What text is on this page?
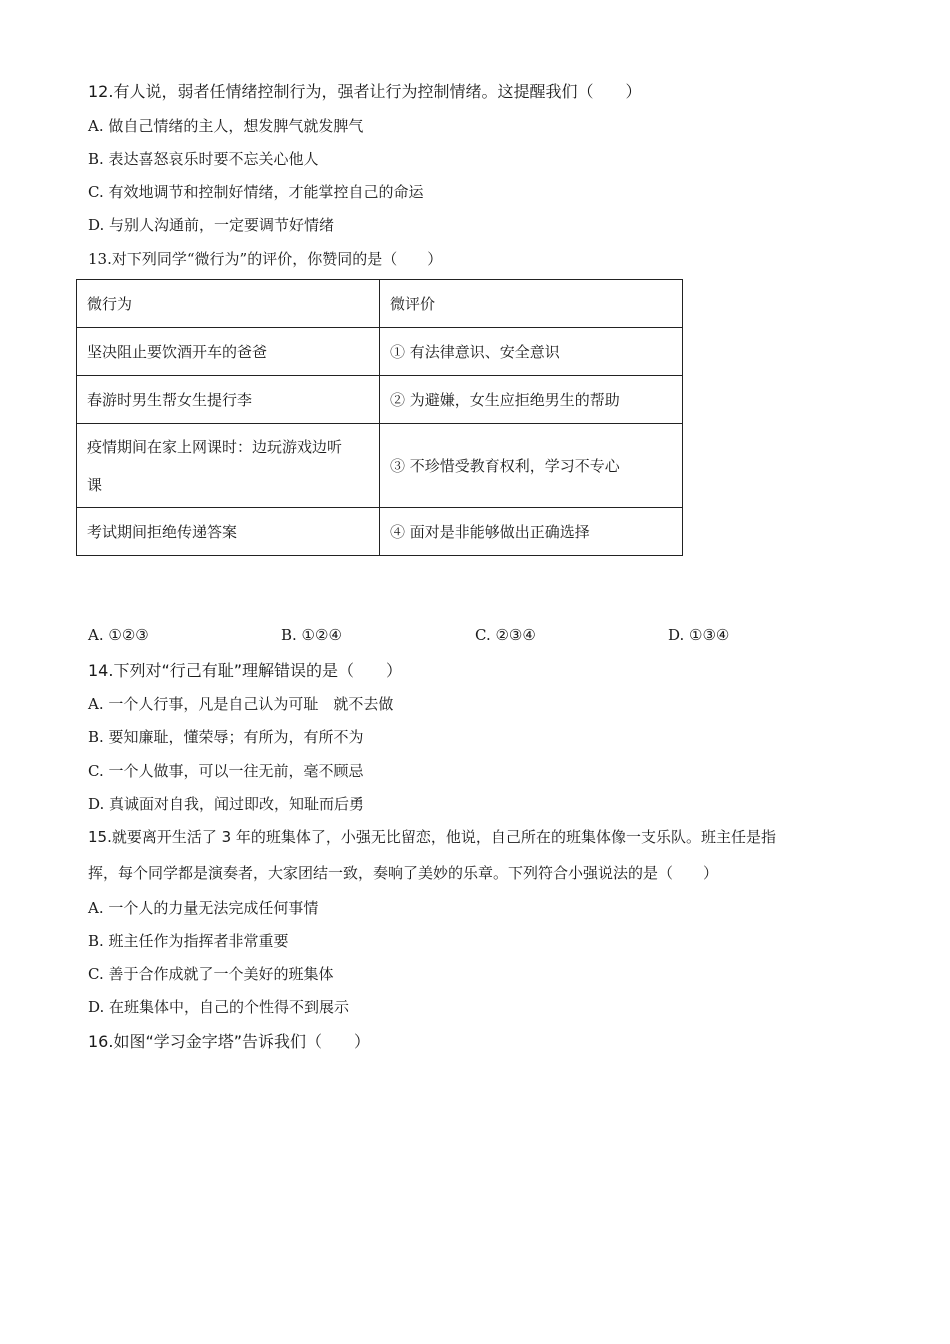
12.有人说，弱者任情绪控制行为，强者让行为控制情绪。这提醒我们（　　）
A. 做自己情绪的主人，想发脾气就发脾气
B. 表达喜怒哀乐时要不忘关心他人
C. 有效地调节和控制好情绪，才能掌控自己的命运
D. 与别人沟通前，一定要调节好情绪
13.对下列同学“微行为”的评价，你赞同的是（　　）
微行为	微评价
坚决阻止要饮酒开车的爸爸	① 有法律意识、安全意识
春游时男生帮女生提行李	② 为避嫌，女生应拒绝男生的帮助
疫情期间在家上网课时：边玩游戏边听课	③ 不珍惜受教育权利，学习不专心
考试期间拒绝传递答案	④ 面对是非能够做出正确选择
A. ①②③	B. ①②④	C. ②③④	D. ①③④
14.下列对“行己有耻”理解错误的是（　　）
A. 一个人行事，凡是自己认为可耻　就不去做
B. 要知廉耻，懂荣辱；有所为，有所不为
C. 一个人做事，可以一往无前，毫不顾忌
D. 真诚面对自我，闻过即改，知耻而后勇
15.就要离开生活了 3 年的班集体了，小强无比留恋，他说，自己所在的班集体像一支乐队。班主任是指
挥，每个同学都是演奏者，大家团结一致，奏响了美妙的乐章。下列符合小强说法的是（　　）
A. 一个人的力量无法完成任何事情
B. 班主任作为指挥者非常重要
C. 善于合作成就了一个美好的班集体
D. 在班集体中，自己的个性得不到展示
16.如图“学习金字塔”告诉我们（　　）
